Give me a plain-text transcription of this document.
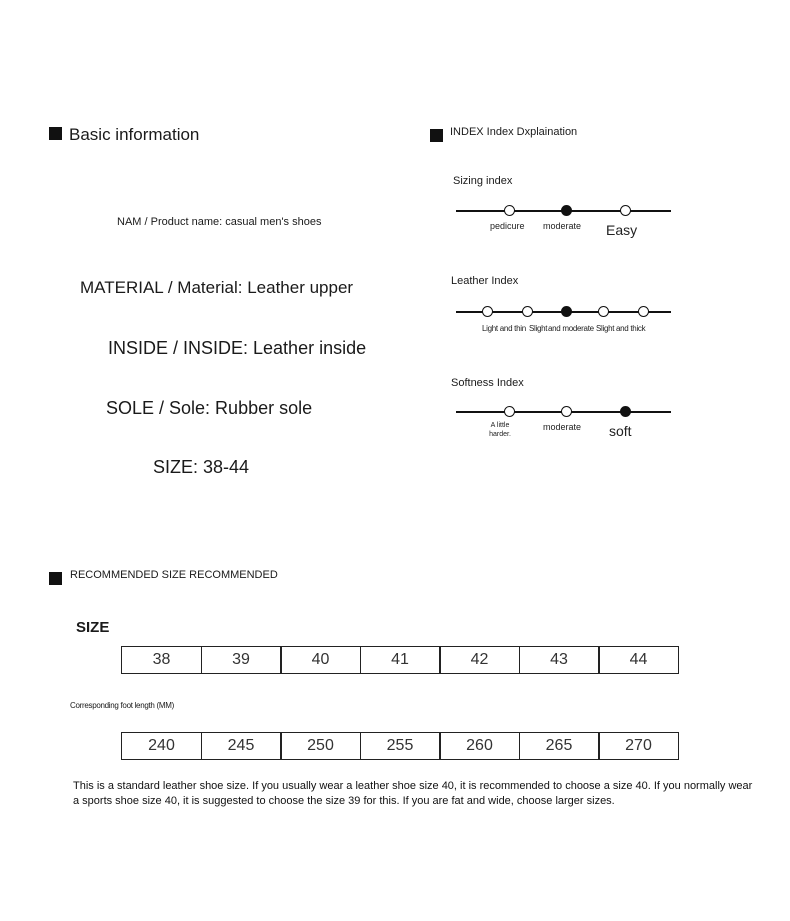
Basic information
NAM / Product name: casual men's shoes
MATERIAL / Material: Leather upper
INSIDE / INSIDE: Leather inside
SOLE / Sole: Rubber sole
SIZE: 38-44
INDEX Index Dxplaination
Sizing index
pedicure moderate Easy
Leather Index
Light and thin Slight and moderate Slight and thick
Softness Index
A little harder.
moderate soft
RECOMMENDED SIZE RECOMMENDED
SIZE
38	39	40	41	42	43	44
Corresponding foot length (MM)
240	245	250	255	260	265	270
This is a standard leather shoe size. If you usually wear a leather shoe size 40, it is recommended to choose a size 40. If you normally wear a sports shoe size 40, it is suggested to choose the size 39 for this. If you are fat and wide, choose larger sizes.
